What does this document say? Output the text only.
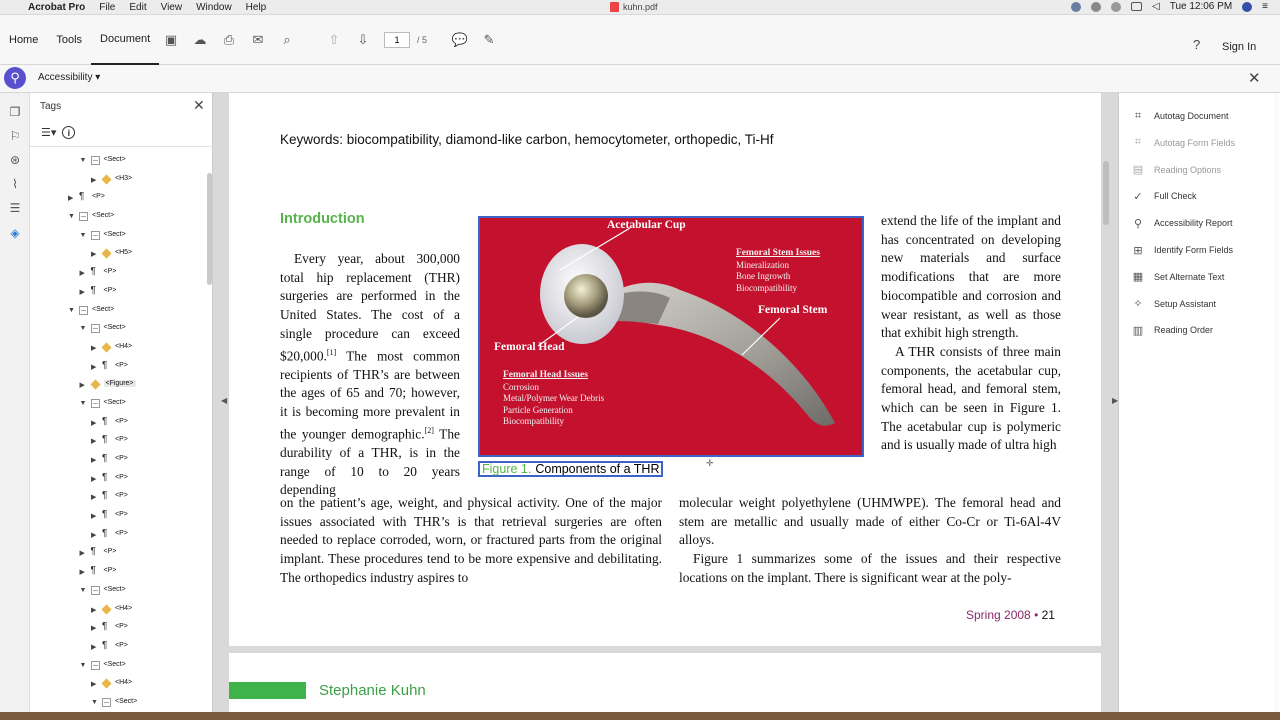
Acrobat Pro File Edit View Window Help	kuhn.pdf	◁ Tue 12:06 PM	≡
Home	Tools	Document	▣ ☁ ⎙ ✉	⌕	⇧ ⇩	1	/ 5 💬 ✎	? Sign In
⚲	Accessibility ▾	✕
❐
⚐
⊛
⌇
☰
◈
Tags	✕
☰▾	i
▼ <Sect>
▶	<H3>
▶ ¶	<P>
▼ <Sect>
▼ <Sect>
▶	<H5>
▶ ¶	<P>
▶ ¶	<P>
▼ <Sect>
▼ <Sect>
▶	<H4>
▶ ¶	<P>
▶	<Figure>
▼ <Sect>
▶ ¶	<P>
▶ ¶	<P>
▶ ¶	<P>
▶ ¶	<P>
▶ ¶	<P>
▶ ¶	<P>
▶ ¶	<P>
▶ ¶	<P>
▶ ¶	<P>
▼ <Sect>
▶	<H4>
▶ ¶	<P>
▶ ¶	<P>
▼ <Sect>
▶	<H4>
▼ <Sect>
◀
Keywords: biocompatibility, diamond-like carbon, hemocytometer, orthopedic, Ti-Hf
Introduction

Every year, about 300,000 total hip replacement (THR) surgeries are performed in the United States. The cost of a single procedure can exceed $20,000.[1] The most common recipients of THR’s are between the ages of 65 and 70; however, it is becoming more prevalent in the younger demographic.[2] The durability of a THR, is in the range of 10 to 20 years depending

on the patient’s age, weight, and physical activity. One of the major issues associated with THR’s is that retrieval surgeries are often needed to replace corroded, worn, or fractured parts from the original implant. These procedures tend to be more expensive and debilitating. The orthopedics industry aspires to

extend the life of the implant and has concentrated on developing new materials and surface modifications that are more biocompatible and corrosion and wear resistant, as well as those that exhibit high strength.

A THR consists of three main components, the acetabular cup, femoral head, and femoral stem, which can be seen in Figure 1. The acetabular cup is polymeric and is usually made of ultra high

molecular weight polyethylene (UHMWPE). The femoral head and stem are metallic and usually made of either Co-Cr or Ti-6Al-4V alloys.

Figure 1 summarizes some of the issues and their respective locations on the implant. There is significant wear at the poly-

Acetabular Cup
Femoral Stem
Femoral Head
Femoral Stem Issues
Mineralization
Bone Ingrowth
Biocompatibility
Femoral Head Issues
Corrosion
Metal/Polymer Wear Debris
Particle Generation
Biocompatibility
Figure 1. Components of a THR	✛
Spring 2008 • 21
Stephanie Kuhn
▶
⌗	Autotag Document
⌗	Autotag Form Fields
▤ Reading Options
✓ Full Check
⚲	Accessibility Report
⊞ Identify Form Fields
▦ Set Alternate Text
✧ Setup Assistant
▥ Reading Order
